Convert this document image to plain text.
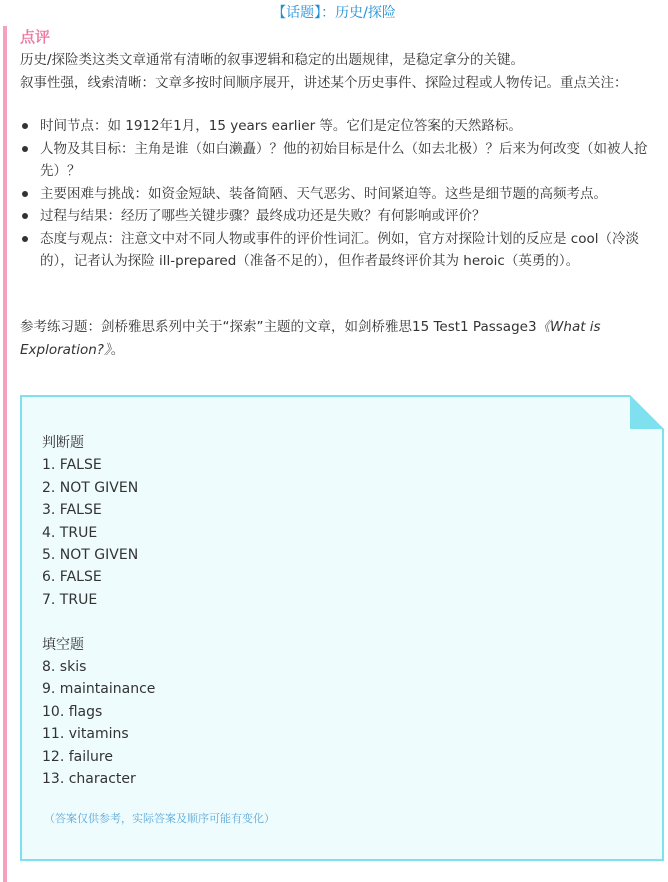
【话题】：历史/探险
点评
历史/探险类这类文章通常有清晰的叙事逻辑和稳定的出题规律，是稳定拿分的关键。
叙事性强，线索清晰：文章多按时间顺序展开，讲述某个历史事件、探险过程或人物传记。重点关注：
时间节点：如 1912年1月，15 years earlier 等。它们是定位答案的天然路标。
人物及其目标：主角是谁（如白濑矗）？他的初始目标是什么（如去北极）？后来为何改变（如被人抢先）？
主要困难与挑战：如资金短缺、装备简陋、天气恶劣、时间紧迫等。这些是细节题的高频考点。
过程与结果：经历了哪些关键步骤？最终成功还是失败？有何影响或评价？
态度与观点：注意文中对不同人物或事件的评价性词汇。例如，官方对探险计划的反应是 cool（冷淡的），记者认为探险 ill-prepared（准备不足的），但作者最终评价其为 heroic（英勇的）。
参考练习题：剑桥雅思系列中关于“探索”主题的文章，如剑桥雅思15 Test1 Passage3《What is Exploration?》。
判断题
1. FALSE
2. NOT GIVEN
3. FALSE
4. TRUE
5. NOT GIVEN
6. FALSE
7. TRUE
填空题
8. skis
9. maintainance
10. flags
11. vitamins
12. failure
13. character
（答案仅供参考，实际答案及顺序可能有变化）
